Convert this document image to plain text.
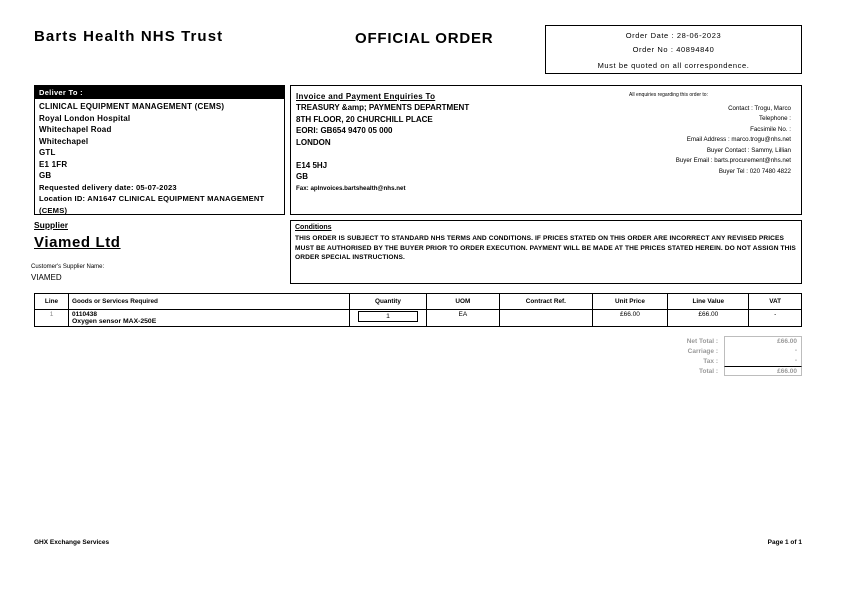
Barts Health NHS Trust	OFFICIAL ORDER	Order Date : 28-06-2023
Order No : 40894840
Must be quoted on all correspondence.
Deliver To :
CLINICAL EQUIPMENT MANAGEMENT (CEMS)
Royal London Hospital
Whitechapel Road
Whitechapel
GTL
E1 1FR
GB
Requested delivery date: 05-07-2023
Location ID: AN1647 CLINICAL EQUIPMENT MANAGEMENT (CEMS)
Invoice and Payment Enquiries To
TREASURY &amp; PAYMENTS DEPARTMENT
8TH FLOOR, 20 CHURCHILL PLACE
EORI: GB654 9470 05 000
LONDON

E14 5HJ
GB
Fax: aplnvoices.bartshealth@nhs.net
All enquiries regarding this order to:
Contact : Trogu, Marco
Telephone :
Facsimile No. :
Email Address : marco.trogu@nhs.net
Buyer Contact : Sammy, Lillian
Buyer Email : barts.procurement@nhs.net
Buyer Tel : 020 7480 4822
Supplier
Viamed Ltd
Customer's Supplier Name:
VIAMED
Conditions
THIS ORDER IS SUBJECT TO STANDARD NHS TERMS AND CONDITIONS. IF PRICES STATED ON THIS ORDER ARE INCORRECT ANY REVISED PRICES MUST BE AUTHORISED BY THE BUYER PRIOR TO ORDER EXECUTION. PAYMENT WILL BE MADE AT THE PRICES STATED HEREIN. DO NOT ASSIGN THIS ORDER SPECIAL INSTRUCTIONS.
Line	Goods or Services Required	Quantity	UOM	Contract Ref.	Unit Price	Line Value	VAT
1	0110438
Oxygen sensor MAX-250E	1	EA		£66.00	£66.00	-
Net Total :	£66.00
Carriage :	-
Tax :	-
Total :	£66.00
GHX Exchange Services	Page 1 of 1
